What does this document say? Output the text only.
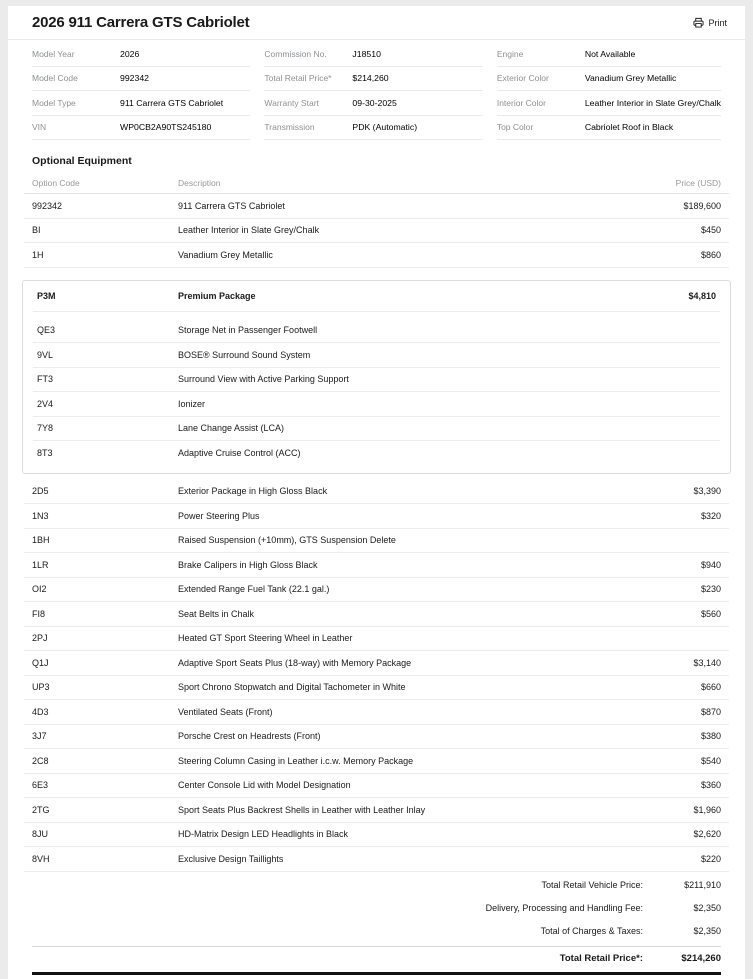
2026 911 Carrera GTS Cabriolet	Print
Model Year	2026
Model Code	992342
Model Type	911 Carrera GTS Cabriolet
VIN	WP0CB2A90TS245180
Commission No.	J18510
Total Retail Price*	$214,260
Warranty Start	09-30-2025
Transmission	PDK (Automatic)
Engine	Not Available
Exterior Color	Vanadium Grey Metallic
Interior Color	Leather Interior in Slate Grey/Chalk
Top Color	Cabriolet Roof in Black
Optional Equipment
Option Code	Description	Price (USD)
992342	911 Carrera GTS Cabriolet	$189,600
BI	Leather Interior in Slate Grey/Chalk	$450
1H	Vanadium Grey Metallic	$860
P3M	Premium Package	$4,810
QE3	Storage Net in Passenger Footwell
9VL	BOSE® Surround Sound System
FT3	Surround View with Active Parking Support
2V4	Ionizer
7Y8	Lane Change Assist (LCA)
8T3	Adaptive Cruise Control (ACC)
2D5	Exterior Package in High Gloss Black	$3,390
1N3	Power Steering Plus	$320
1BH	Raised Suspension (+10mm), GTS Suspension Delete
1LR	Brake Calipers in High Gloss Black	$940
OI2	Extended Range Fuel Tank (22.1 gal.)	$230
FI8	Seat Belts in Chalk	$560
2PJ	Heated GT Sport Steering Wheel in Leather
Q1J	Adaptive Sport Seats Plus (18-way) with Memory Package	$3,140
UP3	Sport Chrono Stopwatch and Digital Tachometer in White	$660
4D3	Ventilated Seats (Front)	$870
3J7	Porsche Crest on Headrests (Front)	$380
2C8	Steering Column Casing in Leather i.c.w. Memory Package	$540
6E3	Center Console Lid with Model Designation	$360
2TG	Sport Seats Plus Backrest Shells in Leather with Leather Inlay	$1,960
8JU	HD-Matrix Design LED Headlights in Black	$2,620
8VH	Exclusive Design Taillights	$220
Total Retail Vehicle Price:	$211,910
Delivery, Processing and Handling Fee:	$2,350
Total of Charges & Taxes:	$2,350
Total Retail Price*:	$214,260
